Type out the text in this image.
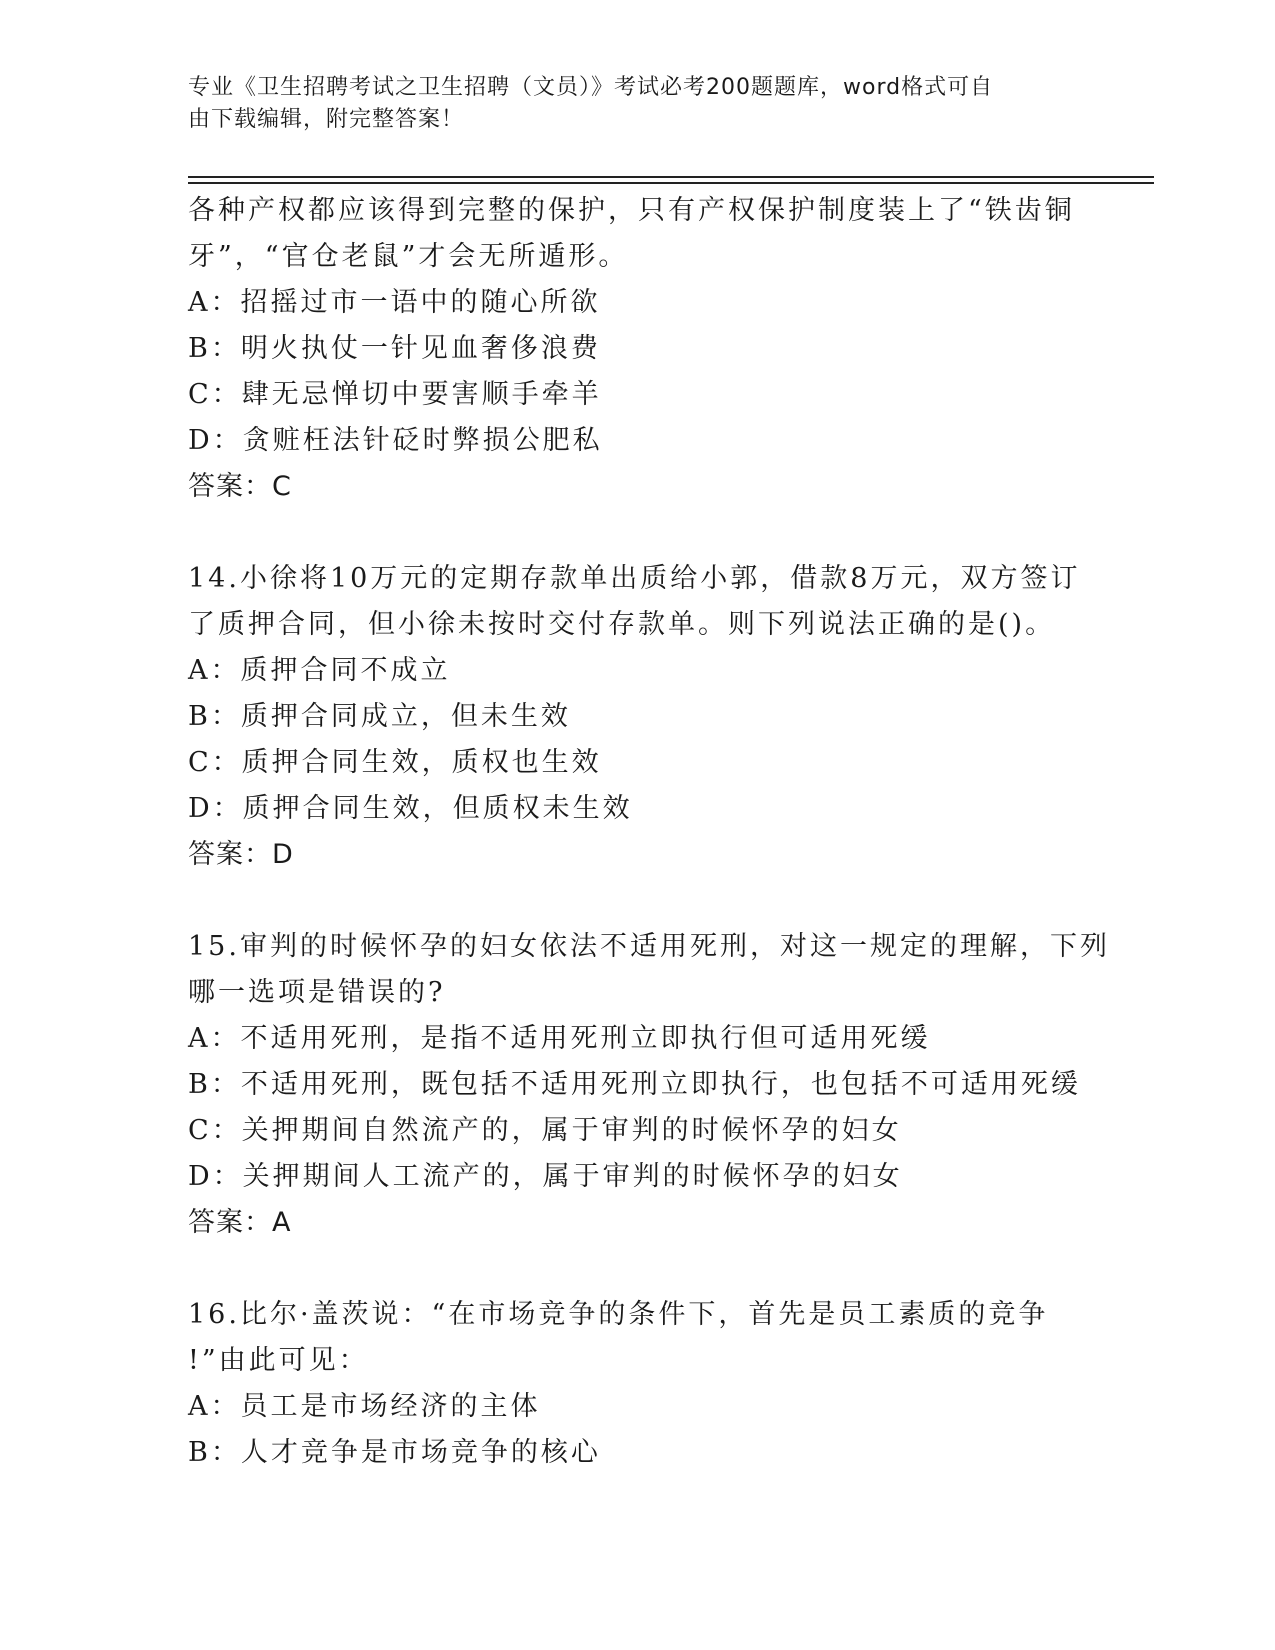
专业《卫生招聘考试之卫生招聘（文员）》考试必考200题题库，word格式可自
由下载编辑，附完整答案！
各种产权都应该得到完整的保护，只有产权保护制度装上了“铁齿铜
牙”，“官仓老鼠”才会无所遁形。
A：招摇过市一语中的随心所欲
B：明火执仗一针见血奢侈浪费
C：肆无忌惮切中要害顺手牵羊
D：贪赃枉法针砭时弊损公肥私
答案：C
14.小徐将10万元的定期存款单出质给小郭，借款8万元，双方签订
了质押合同，但小徐未按时交付存款单。则下列说法正确的是()。
A：质押合同不成立
B：质押合同成立，但未生效
C：质押合同生效，质权也生效
D：质押合同生效，但质权未生效
答案：D
15.审判的时候怀孕的妇女依法不适用死刑，对这一规定的理解，下列
哪一选项是错误的?
A：不适用死刑，是指不适用死刑立即执行但可适用死缓
B：不适用死刑，既包括不适用死刑立即执行，也包括不可适用死缓
C：关押期间自然流产的，属于审判的时候怀孕的妇女
D：关押期间人工流产的，属于审判的时候怀孕的妇女
答案：A
16.比尔·盖茨说：“在市场竞争的条件下，首先是员工素质的竞争
!”由此可见：
A：员工是市场经济的主体
B：人才竞争是市场竞争的核心
